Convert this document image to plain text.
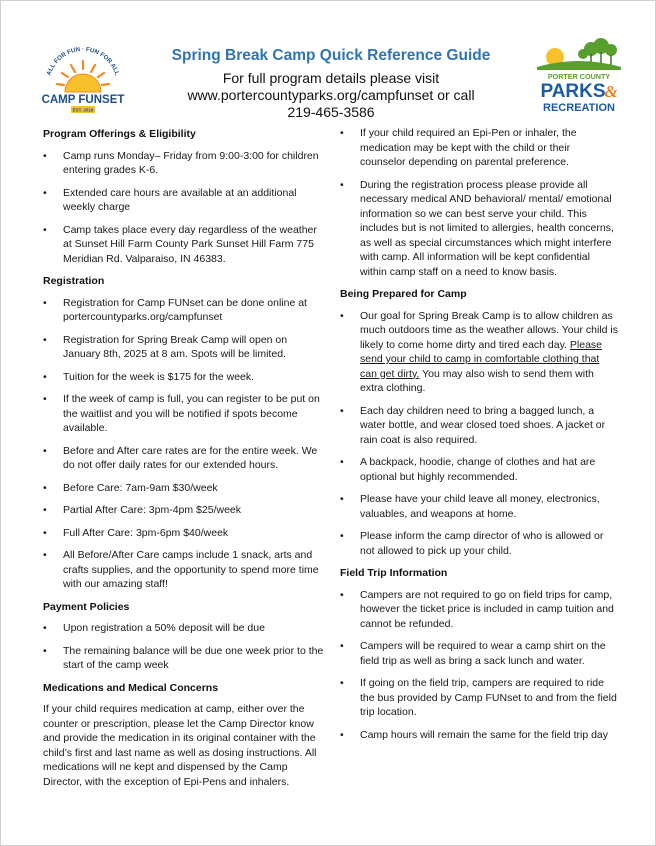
ALL FOR FUN · FUN FOR ALL
CAMP FUNSET
EST. 2016

Spring Break Camp Quick Reference Guide

For full program details please visit

www.portercountyparks.org/campfunset or call

219-465-3586

PORTER COUNTY
PARKS
&
RECREATION

Program Offerings & Eligibility

• Camp runs Monday– Friday from 9:00-3:00 for children entering grades K-6.
• Extended care hours are available at an additional weekly charge
• Camp takes place every day regardless of the weather at Sunset Hill Farm County Park Sunset Hill Farm 775 Meridian Rd. Valparaiso, IN 46383.

Registration

• Registration for Camp FUNset can be done online at portercountyparks.org/campfunset
• Registration for Spring Break Camp will open on January 8th, 2025 at 8 am. Spots will be limited.
• Tuition for the week is $175 for the week.
• If the week of camp is full, you can register to be put on the waitlist and you will be notified if spots become available.
• Before and After care rates are for the entire week. We do not offer daily rates for our extended hours.
• Before Care: 7am-9am $30/week
• Partial After Care: 3pm-4pm $25/week
• Full After Care: 3pm-6pm $40/week
• All Before/After Care camps include 1 snack, arts and crafts supplies, and the opportunity to spend more time with our amazing staff!

Payment Policies

• Upon registration a 50% deposit will be due
• The remaining balance will be due one week prior to the start of the camp week

Medications and Medical Concerns

If your child requires medication at camp, either over the counter or prescription, please let the Camp Director know and provide the medication in its original container with the child’s first and last name as well as dosing instructions. All medications will ne kept and dispensed by the Camp Director, with the exception of Epi-Pens and inhalers.

• If your child required an Epi-Pen or inhaler, the medication may be kept with the child or their counselor depending on parental preference.
• During the registration process please provide all necessary medical AND behavioral/ mental/ emotional information so we can best serve your child. This includes but is not limited to allergies, health concerns, as well as special circumstances which might interfere with camp. All information will be kept confidential within camp staff on a need to know basis.

Being Prepared for Camp

• Our goal for Spring Break Camp is to allow children as much outdoors time as the weather allows. Your child is likely to come home dirty and tired each day. Please send your child to camp in comfortable clothing that can get dirty. You may also wish to send them with extra clothing.
• Each day children need to bring a bagged lunch, a water bottle, and wear closed toed shoes. A jacket or rain coat is also required.
• A backpack, hoodie, change of clothes and hat are optional but highly recommended.
• Please have your child leave all money, electronics, valuables, and weapons at home.
• Please inform the camp director of who is allowed or not allowed to pick up your child.

Field Trip Information

• Campers are not required to go on field trips for camp, however the ticket price is included in camp tuition and cannot be refunded.
• Campers will be required to wear a camp shirt on the field trip as well as bring a sack lunch and water.
• If going on the field trip, campers are required to ride the bus provided by Camp FUNset to and from the field trip location.
• Camp hours will remain the same for the field trip day
